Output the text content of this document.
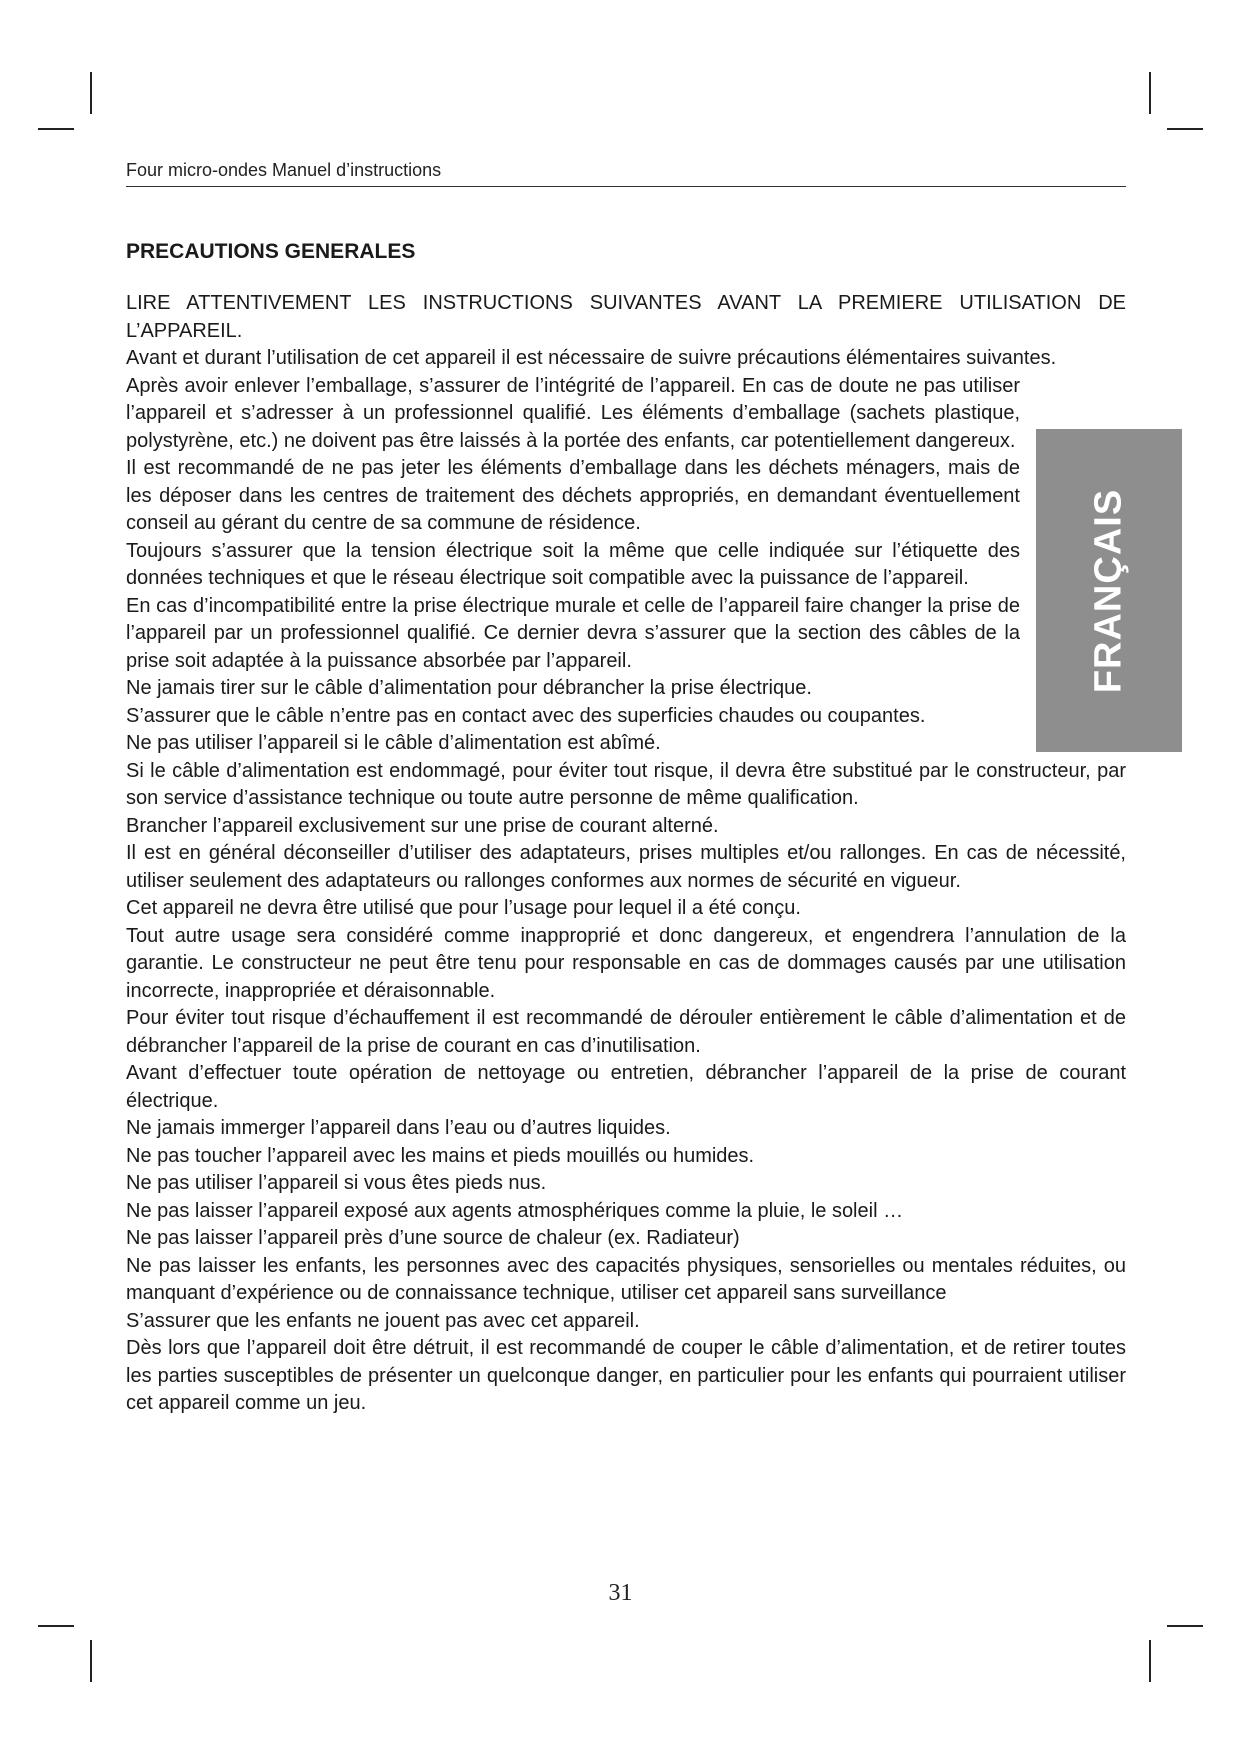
Four micro-ondes Manuel d’instructions
FRANÇAIS
PRECAUTIONS GENERALES

LIRE ATTENTIVEMENT LES INSTRUCTIONS SUIVANTES AVANT LA PREMIERE UTILISATION DE L’APPAREIL.

Avant et durant l’utilisation de cet appareil il est nécessaire de suivre précautions élémentaires suivantes.

Après avoir enlever l’emballage, s’assurer de l’intégrité de l’appareil. En cas de doute ne pas utiliser l’appareil et s’adresser à un professionnel qualifié. Les éléments d’emballage (sachets plastique, polystyrène, etc.) ne doivent pas être laissés à la portée des enfants, car potentiellement dangereux.

Il est recommandé de ne pas jeter les éléments d’emballage dans les déchets ménagers, mais de les déposer dans les centres de traitement des déchets appropriés, en demandant éventuellement conseil au gérant du centre de sa commune de résidence.

Toujours s’assurer que la tension électrique soit la même que celle indiquée sur l’étiquette des données techniques et que le réseau électrique soit compatible avec la puissance de l’appareil.

En cas d’incompatibilité entre la prise électrique murale et celle de l’appareil faire changer la prise de l’appareil par un professionnel qualifié. Ce dernier devra s’assurer que la section des câbles de la prise soit adaptée à la puissance absorbée par l’appareil.

Ne jamais tirer sur le câble d’alimentation pour débrancher la prise électrique.

S’assurer que le câble n’entre pas en contact avec des superficies chaudes ou coupantes.

Ne pas utiliser l’appareil si le câble d’alimentation est abîmé.

Si le câble d’alimentation est endommagé, pour éviter tout risque, il devra être substitué par le constructeur, par son service d’assistance technique ou toute autre personne de même qualification.

Brancher l’appareil exclusivement sur une prise de courant alterné.

Il est en général déconseiller d’utiliser des adaptateurs, prises multiples et/ou rallonges. En cas de nécessité, utiliser seulement des adaptateurs ou rallonges conformes aux normes de sécurité en vigueur.

Cet appareil ne devra être utilisé que pour l’usage pour lequel il a été conçu.

Tout autre usage sera considéré comme inapproprié et donc dangereux, et engendrera l’annulation de la garantie. Le constructeur ne peut être tenu pour responsable en cas de dommages causés par une utilisation incorrecte, inappropriée et déraisonnable.

Pour éviter tout risque d’échauffement il est recommandé de dérouler entièrement le câble d’alimentation et de débrancher l’appareil de la prise de courant en cas d’inutilisation.

Avant d’effectuer toute opération de nettoyage ou entretien, débrancher l’appareil de la prise de courant électrique.

Ne jamais immerger l’appareil dans l’eau ou d’autres liquides.

Ne pas toucher l’appareil avec les mains et pieds mouillés ou humides.

Ne pas utiliser l’appareil si vous êtes pieds nus.

Ne pas laisser l’appareil exposé aux agents atmosphériques comme la pluie, le soleil …

Ne pas laisser l’appareil près d’une source de chaleur (ex. Radiateur)

Ne pas laisser les enfants, les personnes avec des capacités physiques, sensorielles ou mentales réduites, ou manquant d’expérience ou de connaissance technique, utiliser cet appareil sans surveillance

S’assurer que les enfants ne jouent pas avec cet appareil.

Dès lors que l’appareil doit être détruit, il est recommandé de couper le câble d’alimentation, et de retirer toutes les parties susceptibles de présenter un quelconque danger, en particulier pour les enfants qui pourraient utiliser cet appareil comme un jeu.

31
